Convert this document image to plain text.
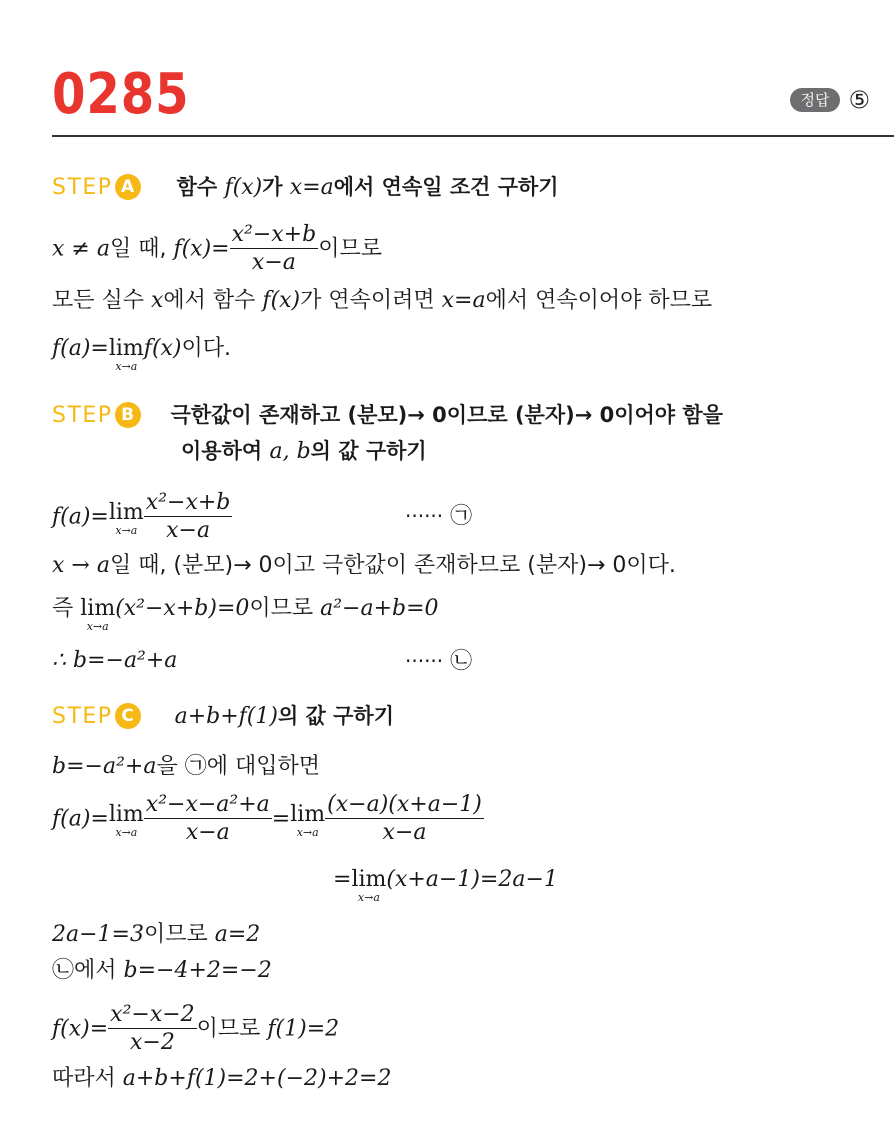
0285	정답 ⑤
STEP A 함수 f(x)가 x=a에서 연속일 조건 구하기
x ≠ a일 때, $f(x)= \frac{\text{x²−x+b}}{x-a}$ 이므로
모든 실수 x에서 함수 f(x)가 연속이려면 x=a에서 연속이어야 하므로
f(a)=lim
x→a
f(x)이다.
STEP B 극한값이 존재하고 (분모)→ 0이므로 (분자)→ 0이어야 함을
이용하여 a, b의 값 구하기
f(a)=lim
$x\to a \frac{\text{x²−x+b}}{x-a}$	······ ㉠
x → a일 때, (분모)→ 0이고 극한값이 존재하므로 (분자)→ 0이다.
즉 lim
x→a
(x²−x+b)=0이므로 a²−a+b=0
∴ b=−a²+a	······ ㉡
STEP C a+b+f(1)의 값 구하기
b=−a²+a을 ㉠에 대입하면
f(a)=lim
$x\to a \frac{\text{x²−x−a²+a}}{x-a} =\lim$
$x\to a \frac{(x-a)(x+a-1)}{x-a}$
=lim
x→a
(x+a−1)=2a−1
2a−1=3이므로 a=2
㉡에서 b=−4+2=−2
$f(x)= \frac{\text{x²−x−2}}{x-2}$ 이므로 f(1)=2
따라서 a+b+f(1)=2+(−2)+2=2
